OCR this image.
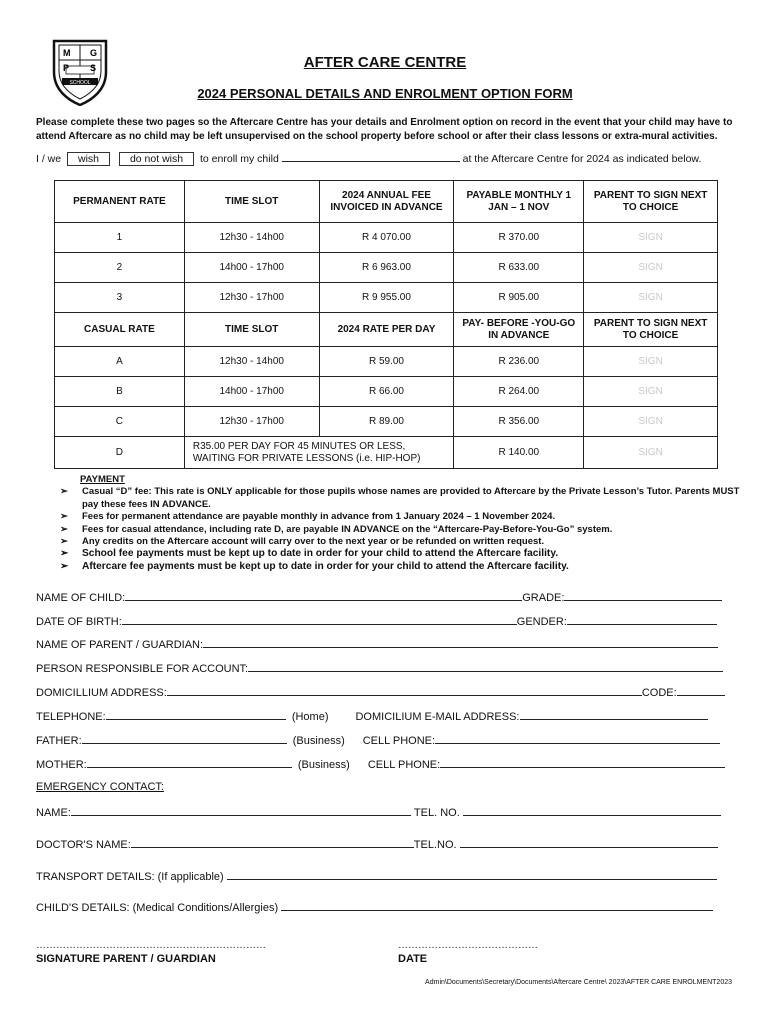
M G
P S
SCHOOL
AFTER CARE CENTRE
2024 PERSONAL DETAILS AND ENROLMENT OPTION FORM
Please complete these two pages so the Aftercare Centre has your details and Enrolment option on record in the event that your child may have to attend Aftercare as no child may be left unsupervised on the school property before school or after their class lessons or extra-mural activities.
I / we wish	do not wish to enroll my child	at the Aftercare Centre for 2024 as indicated below.
PERMANENT RATE	TIME SLOT	2024 ANNUAL FEE INVOICED IN ADVANCE	PAYABLE MONTHLY 1 JAN – 1 NOV	PARENT TO SIGN NEXT TO CHOICE
1	12h30 - 14h00	R 4 070.00	R 370.00	SIGN
2	14h00 - 17h00	R 6 963.00	R 633.00	SIGN
3	12h30 - 17h00	R 9 955.00	R 905.00	SIGN
CASUAL RATE	TIME SLOT	2024 RATE PER DAY	PAY- BEFORE -YOU-GO IN ADVANCE	PARENT TO SIGN NEXT TO CHOICE
A	12h30 - 14h00	R 59.00	R 236.00	SIGN
B	14h00 - 17h00	R 66.00	R 264.00	SIGN
C	12h30 - 17h00	R 89.00	R 356.00	SIGN
D	R35.00 PER DAY FOR 45 MINUTES OR LESS, WAITING FOR PRIVATE LESSONS (i.e. HIP-HOP)		R 140.00	SIGN
PAYMENT
➢ Casual “D” fee: This rate is ONLY applicable for those pupils whose names are provided to Aftercare by the Private Lesson’s Tutor. Parents MUST pay these fees IN ADVANCE.
➢ Fees for permanent attendance are payable monthly in advance from 1 January 2024 – 1 November 2024.
➢ Fees for casual attendance, including rate D, are payable IN ADVANCE on the “Aftercare-Pay-Before-You-Go” system.
➢ Any credits on the Aftercare account will carry over to the next year or be refunded on written request.
➢ School fee payments must be kept up to date in order for your child to attend the Aftercare facility.
➢ Aftercare fee payments must be kept up to date in order for your child to attend the Aftercare facility.
NAME OF CHILD:	GRADE:
DATE OF BIRTH:	GENDER:
NAME OF PARENT / GUARDIAN:
PERSON RESPONSIBLE FOR ACCOUNT:
DOMICILLIUM ADDRESS:	CODE:
TELEPHONE:	(Home) DOMICILIUM E-MAIL ADDRESS:
FATHER:	(Business) CELL PHONE:
MOTHER:	(Business) CELL PHONE:
EMERGENCY CONTACT:
NAME:	TEL. NO.
DOCTOR'S NAME:	TEL.NO.
TRANSPORT DETAILS: (If applicable)
CHILD'S DETAILS: (Medical Conditions/Allergies)
……………………………………………………………
SIGNATURE PARENT / GUARDIAN
……………………………………
DATE
Admin\Documents\Secretary\Documents\Aftercare Centre\ 2023\AFTER CARE ENROLMENT2023
